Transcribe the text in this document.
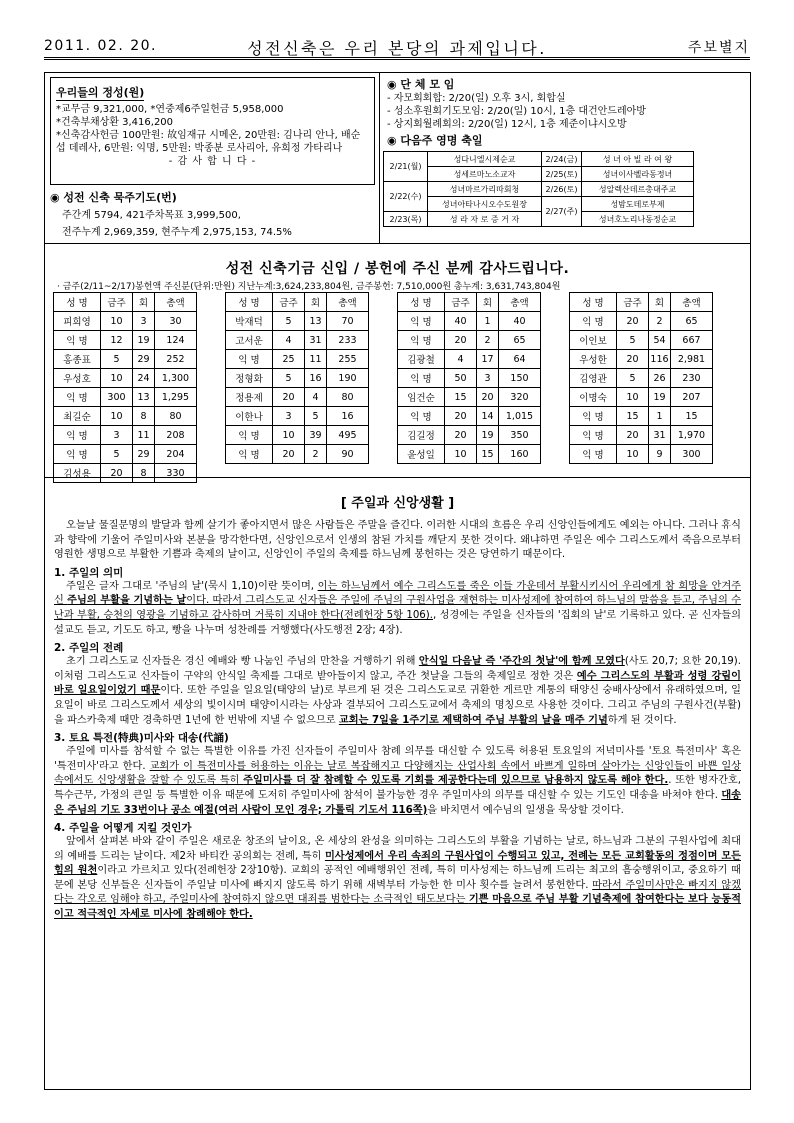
2011. 02. 20.	성전신축은 우리 본당의 과제입니다.	주보별지
우리들의 정성(원)
*교무금 9,321,000, *연중제6주일헌금 5,958,000
*건축부채상환 3,416,200
*신축감사헌금 100만원: 故임재규 시메온, 20만원: 김나리 안나, 배순섭 데레사, 6만원: 익명, 5만원: 박종분 로사리아, 유희정 가타리나
- 감 사 합 니 다 -
◉ 성전 신축 묵주기도(번)
주간계 5794, 421주차목표 3,999,500,
전주누계 2,969,359, 현주누계 2,975,153, 74.5%
◉ 단 체 모 임
- 자모회회합: 2/20(일) 오후 3시, 회합실
- 성소후원회기도모임: 2/20(일) 10시, 1층 대건안드레아방
- 상지회월례회의: 2/20(일) 12시, 1층 제준이냐시오방
◉ 다음주 영명 축일
2/21(월)	성다니엘시제순교	2/24(금)	성 녀 아 빌 라 여 왕
	성세르마노소교자	2/25(토)	성녀이사벨라동정녀
2/22(수)	성녀마르가리따회청	2/26(토)	성알렉산데르총대주교
	성녀아타나시오수도원장	2/27(주)	성밤도데로부제
2/23(목)	성 라 자 로 증 거 자		성녀호노리나동정순교
성전 신축기금 신입 / 봉헌에 주신 분께 감사드립니다.
· 금주(2/11~2/17)봉헌액 주신분(단위:만원) 지난누계:3,624,233,804원, 금주봉헌: 7,510,000원 총누계: 3,631,743,804원
성 명	금주	회	총액
피희영	10	3	30
익 명	12	19	124
홍종표	5	29	252
우성호	10	24	1,300
익 명	300	13	1,295
최길순	10	8	80
익 명	3	11	208
익 명	5	29	204
김성용	20	8	330
성 명	금주	회	총액
박재덕	5	13	70
고서운	4	31	233
익 명	25	11	255
정형화	5	16	190
정용제	20	4	80
이한나	3	5	16
익 명	10	39	495
익 명	20	2	90
성 명	금주	회	총액
익 명	40	1	40
익 명	20	2	65
김광철	4	17	64
익 명	50	3	150
임건순	15	20	320
익 명	20	14	1,015
김길정	20	19	350
윤성일	10	15	160
성 명	금주	회	총액
익 명	20	2	65
이인보	5	54	667
우성한	20	116	2,981
김영관	5	26	230
이명숙	10	19	207
익 명	15	1	15
익 명	20	31	1,970
익 명	10	9	300
[ 주일과 신앙생활 ]

오늘날 물질문명의 발달과 함께 살기가 좋아지면서 많은 사람들은 주말을 즐긴다. 이러한 시대의 흐름은 우리 신앙인들에게도 예외는 아니다. 그러나 휴식과 향락에 기울어 주일미사와 본분을 망각한다면, 신앙인으로서 인생의 참된 가치를 깨닫지 못한 것이다. 왜냐하면 주일은 예수 그리스도께서 죽음으로부터 영원한 생명으로 부활한 기쁨과 축제의 날이고, 신앙인이 주일의 축제를 하느님께 봉헌하는 것은 당연하기 때문이다.

1. 주일의 의미

주일은 글자 그대로 '주님의 날'(묵시 1,10)이란 뜻이며, 이는 하느님께서 예수 그리스도를 죽은 이들 가운데서 부활시키시어 우리에게 참 희망을 안겨주신 주님의 부활을 기념하는 날이다. 따라서 그리스도교 신자들은 주일에 주님의 구원사업을 재현하는 미사성제에 참여하여 하느님의 말씀을 듣고, 주님의 수난과 부활, 승천의 영광을 기념하고 감사하며 거룩히 지내야 한다(전례헌장 5항 106)., 성경에는 주일을 신자들의 '집회의 날'로 기록하고 있다. 곧 신자들의 설교도 듣고, 기도도 하고, 빵을 나누며 성찬례를 거행했다(사도행전 2장; 4장).

2. 주일의 전례

초기 그리스도교 신자들은 경신 예배와 빵 나눔인 주님의 만찬을 거행하기 위해 안식일 다음날 즉 '주간의 첫날'에 함께 모였다(사도 20,7; 요한 20,19). 이처럼 그리스도교 신자들이 구약의 안식일 축제를 그대로 받아들이지 않고, 주간 첫날을 그들의 축제일로 정한 것은 예수 그리스도의 부활과 성령 강림이 바로 일요일이었기 때문이다. 또한 주일을 일요일(태양의 날)로 부르게 된 것은 그리스도교로 귀환한 게르만 계통의 태양신 숭배사상에서 유래하였으며, 일요일이 바로 그리스도께서 세상의 빛이시며 태양이시라는 사상과 결부되어 그리스도교에서 축제의 명칭으로 사용한 것이다. 그리고 주님의 구원사건(부활)을 파스카축제 때만 경축하면 1년에 한 번밖에 지낼 수 없으므로 교회는 7일을 1주기로 제택하여 주님 부활의 날을 매주 기념하게 된 것이다.

3. 토요 특전(特典)미사와 대송(代誦)

주일에 미사를 참석할 수 없는 특별한 이유를 가진 신자들이 주일미사 참례 의무를 대신할 수 있도록 허용된 토요일의 저녁미사를 '토요 특전미사' 혹은 '특전미사'라고 한다. 교회가 이 특전미사를 허용하는 이유는 날로 복잡해지고 다양해지는 산업사회 속에서 바쁘게 일하며 살아가는 신앙인들이 바쁜 일상 속에서도 신앙생활을 잘할 수 있도록 특히 주일미사를 더 잘 참례할 수 있도록 기회를 제공한다는데 있으므로 남용하지 않도록 해야 한다.. 또한 병자간호, 특수근무, 가정의 큰일 등 특별한 이유 때문에 도저히 주일미사에 참석이 불가능한 경우 주일미사의 의무를 대신할 수 있는 기도인 대송을 바쳐야 한다. 대송은 주님의 기도 33번이나 공소 예절(여러 사람이 모인 경우; 가톨릭 기도서 116쪽)을 바치면서 예수님의 일생을 묵상할 것이다.

4. 주일을 어떻게 지킬 것인가

앞에서 살펴본 바와 같이 주일은 새로운 창조의 날이요, 온 세상의 완성을 의미하는 그리스도의 부활을 기념하는 날로, 하느님과 그분의 구원사업에 최대의 예배를 드리는 날이다. 제2차 바티칸 공의회는 전례, 특히 미사성제에서 우리 속죄의 구원사업이 수행되고 있고, 전례는 모든 교회활동의 정점이며 모든 힘의 원천이라고 가르치고 있다(전례헌장 2장10항). 교회의 공적인 예배행위인 전례, 특히 미사성제는 하느님께 드리는 최고의 흠숭행위이고, 중요하기 때문에 본당 신부들은 신자들이 주일날 미사에 빠지지 않도록 하기 위해 새벽부터 가능한 한 미사 횟수를 늘려서 봉헌한다. 따라서 주일미사만은 빠지지 않겠다는 각오로 임해야 하고, 주일미사에 참여하지 않으면 대죄를 범한다는 소극적인 태도보다는 기쁜 마음으로 주님 부활 기념축제에 참여한다는 보다 능동적이고 적극적인 자세로 미사에 참례해야 한다.
